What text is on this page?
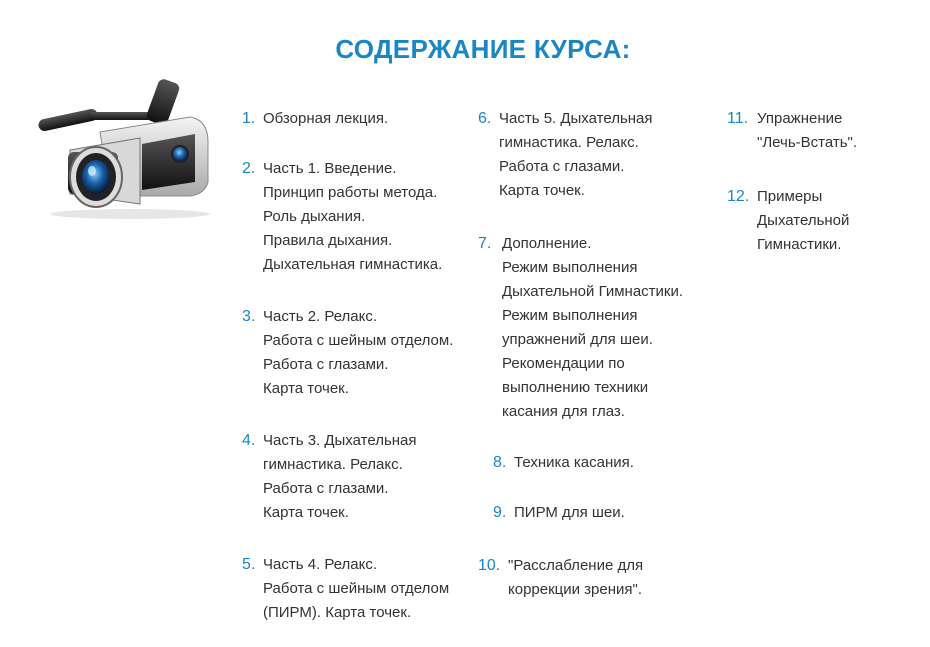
СОДЕРЖАНИЕ КУРСА:
1. Обзорная лекция.
2. Часть 1. Введение.
Принцип работы метода.
Роль дыхания.
Правила дыхания.
Дыхательная гимнастика.
3. Часть 2. Релакс.
Работа с шейным отделом.
Работа с глазами.
Карта точек.
4. Часть 3. Дыхательная
гимнастика. Релакс.
Работа с глазами.
Карта точек.
5. Часть 4. Релакс.
Работа с шейным отделом
(ПИРМ). Карта точек.
6. Часть 5. Дыхательная
гимнастика. Релакс.
Работа с глазами.
Карта точек.
7. Дополнение.
Режим выполнения
Дыхательной Гимнастики.
Режим выполнения
упражнений для шеи.
Рекомендации по
выполнению техники
касания для глаз.
8. Техника касания.
9. ПИРМ для шеи.
10. "Расслабление для
коррекции зрения".
11. Упражнение
"Лечь-Встать".
12. Примеры
Дыхательной
Гимнастики.
